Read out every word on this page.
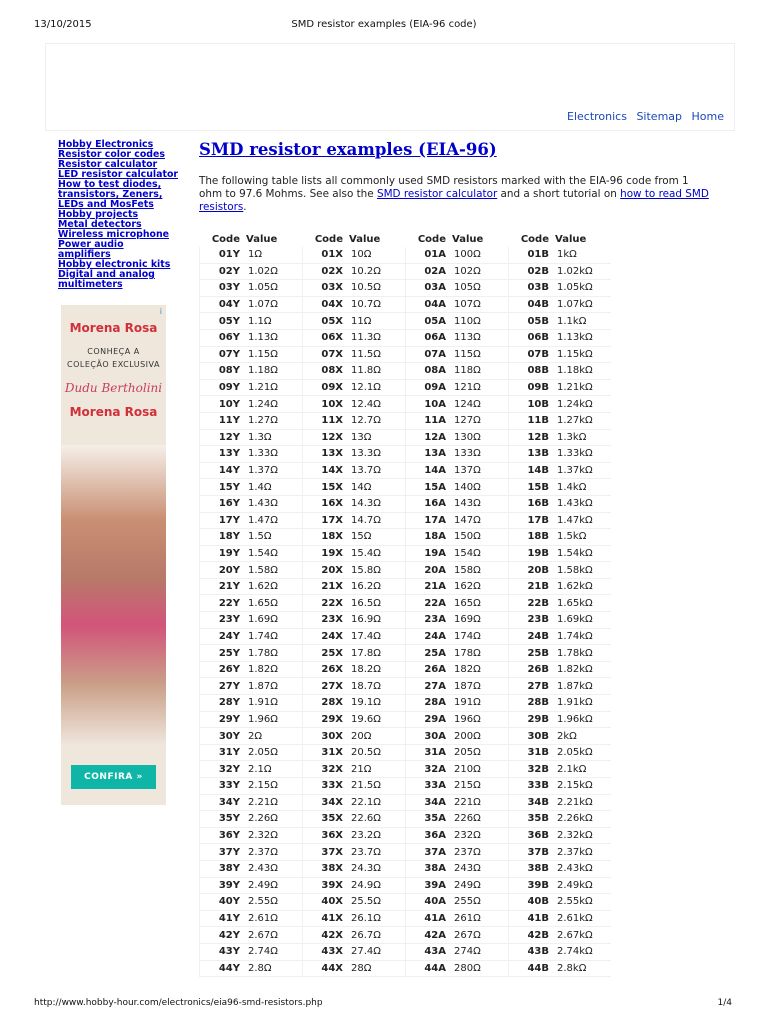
13/10/2015	SMD resistor examples (EIA-96 code)
Electronics Sitemap Home
Hobby Electronics
Resistor color codes
Resistor calculator
LED resistor calculator
How to test diodes,
transistors, Zeners,
LEDs and MosFets
Hobby projects
Metal detectors
Wireless microphone
Power audio amplifiers
Hobby electronic kits
Digital and analog
multimeters
i
Morena Rosa
CONHEÇA A
COLEÇÃO EXCLUSIVA
Dudu Bertholini
Morena Rosa
CONFIRA »
SMD resistor examples (EIA-96)

The following table lists all commonly used SMD resistors marked with the EIA-96 code from 1 ohm to 97.6 Mohms. See also the SMD resistor calculator and a short tutorial on how to read SMD resistors.

Code	Value	Code	Value	Code	Value	Code	Value
01Y	1Ω	01X	10Ω	01A	100Ω	01B	1kΩ
02Y	1.02Ω	02X	10.2Ω	02A	102Ω	02B	1.02kΩ
03Y	1.05Ω	03X	10.5Ω	03A	105Ω	03B	1.05kΩ
04Y	1.07Ω	04X	10.7Ω	04A	107Ω	04B	1.07kΩ
05Y	1.1Ω	05X	11Ω	05A	110Ω	05B	1.1kΩ
06Y	1.13Ω	06X	11.3Ω	06A	113Ω	06B	1.13kΩ
07Y	1.15Ω	07X	11.5Ω	07A	115Ω	07B	1.15kΩ
08Y	1.18Ω	08X	11.8Ω	08A	118Ω	08B	1.18kΩ
09Y	1.21Ω	09X	12.1Ω	09A	121Ω	09B	1.21kΩ
10Y	1.24Ω	10X	12.4Ω	10A	124Ω	10B	1.24kΩ
11Y	1.27Ω	11X	12.7Ω	11A	127Ω	11B	1.27kΩ
12Y	1.3Ω	12X	13Ω	12A	130Ω	12B	1.3kΩ
13Y	1.33Ω	13X	13.3Ω	13A	133Ω	13B	1.33kΩ
14Y	1.37Ω	14X	13.7Ω	14A	137Ω	14B	1.37kΩ
15Y	1.4Ω	15X	14Ω	15A	140Ω	15B	1.4kΩ
16Y	1.43Ω	16X	14.3Ω	16A	143Ω	16B	1.43kΩ
17Y	1.47Ω	17X	14.7Ω	17A	147Ω	17B	1.47kΩ
18Y	1.5Ω	18X	15Ω	18A	150Ω	18B	1.5kΩ
19Y	1.54Ω	19X	15.4Ω	19A	154Ω	19B	1.54kΩ
20Y	1.58Ω	20X	15.8Ω	20A	158Ω	20B	1.58kΩ
21Y	1.62Ω	21X	16.2Ω	21A	162Ω	21B	1.62kΩ
22Y	1.65Ω	22X	16.5Ω	22A	165Ω	22B	1.65kΩ
23Y	1.69Ω	23X	16.9Ω	23A	169Ω	23B	1.69kΩ
24Y	1.74Ω	24X	17.4Ω	24A	174Ω	24B	1.74kΩ
25Y	1.78Ω	25X	17.8Ω	25A	178Ω	25B	1.78kΩ
26Y	1.82Ω	26X	18.2Ω	26A	182Ω	26B	1.82kΩ
27Y	1.87Ω	27X	18.7Ω	27A	187Ω	27B	1.87kΩ
28Y	1.91Ω	28X	19.1Ω	28A	191Ω	28B	1.91kΩ
29Y	1.96Ω	29X	19.6Ω	29A	196Ω	29B	1.96kΩ
30Y	2Ω	30X	20Ω	30A	200Ω	30B	2kΩ
31Y	2.05Ω	31X	20.5Ω	31A	205Ω	31B	2.05kΩ
32Y	2.1Ω	32X	21Ω	32A	210Ω	32B	2.1kΩ
33Y	2.15Ω	33X	21.5Ω	33A	215Ω	33B	2.15kΩ
34Y	2.21Ω	34X	22.1Ω	34A	221Ω	34B	2.21kΩ
35Y	2.26Ω	35X	22.6Ω	35A	226Ω	35B	2.26kΩ
36Y	2.32Ω	36X	23.2Ω	36A	232Ω	36B	2.32kΩ
37Y	2.37Ω	37X	23.7Ω	37A	237Ω	37B	2.37kΩ
38Y	2.43Ω	38X	24.3Ω	38A	243Ω	38B	2.43kΩ
39Y	2.49Ω	39X	24.9Ω	39A	249Ω	39B	2.49kΩ
40Y	2.55Ω	40X	25.5Ω	40A	255Ω	40B	2.55kΩ
41Y	2.61Ω	41X	26.1Ω	41A	261Ω	41B	2.61kΩ
42Y	2.67Ω	42X	26.7Ω	42A	267Ω	42B	2.67kΩ
43Y	2.74Ω	43X	27.4Ω	43A	274Ω	43B	2.74kΩ
44Y	2.8Ω	44X	28Ω	44A	280Ω	44B	2.8kΩ
http://www.hobby-hour.com/electronics/eia96-smd-resistors.php	1/4
